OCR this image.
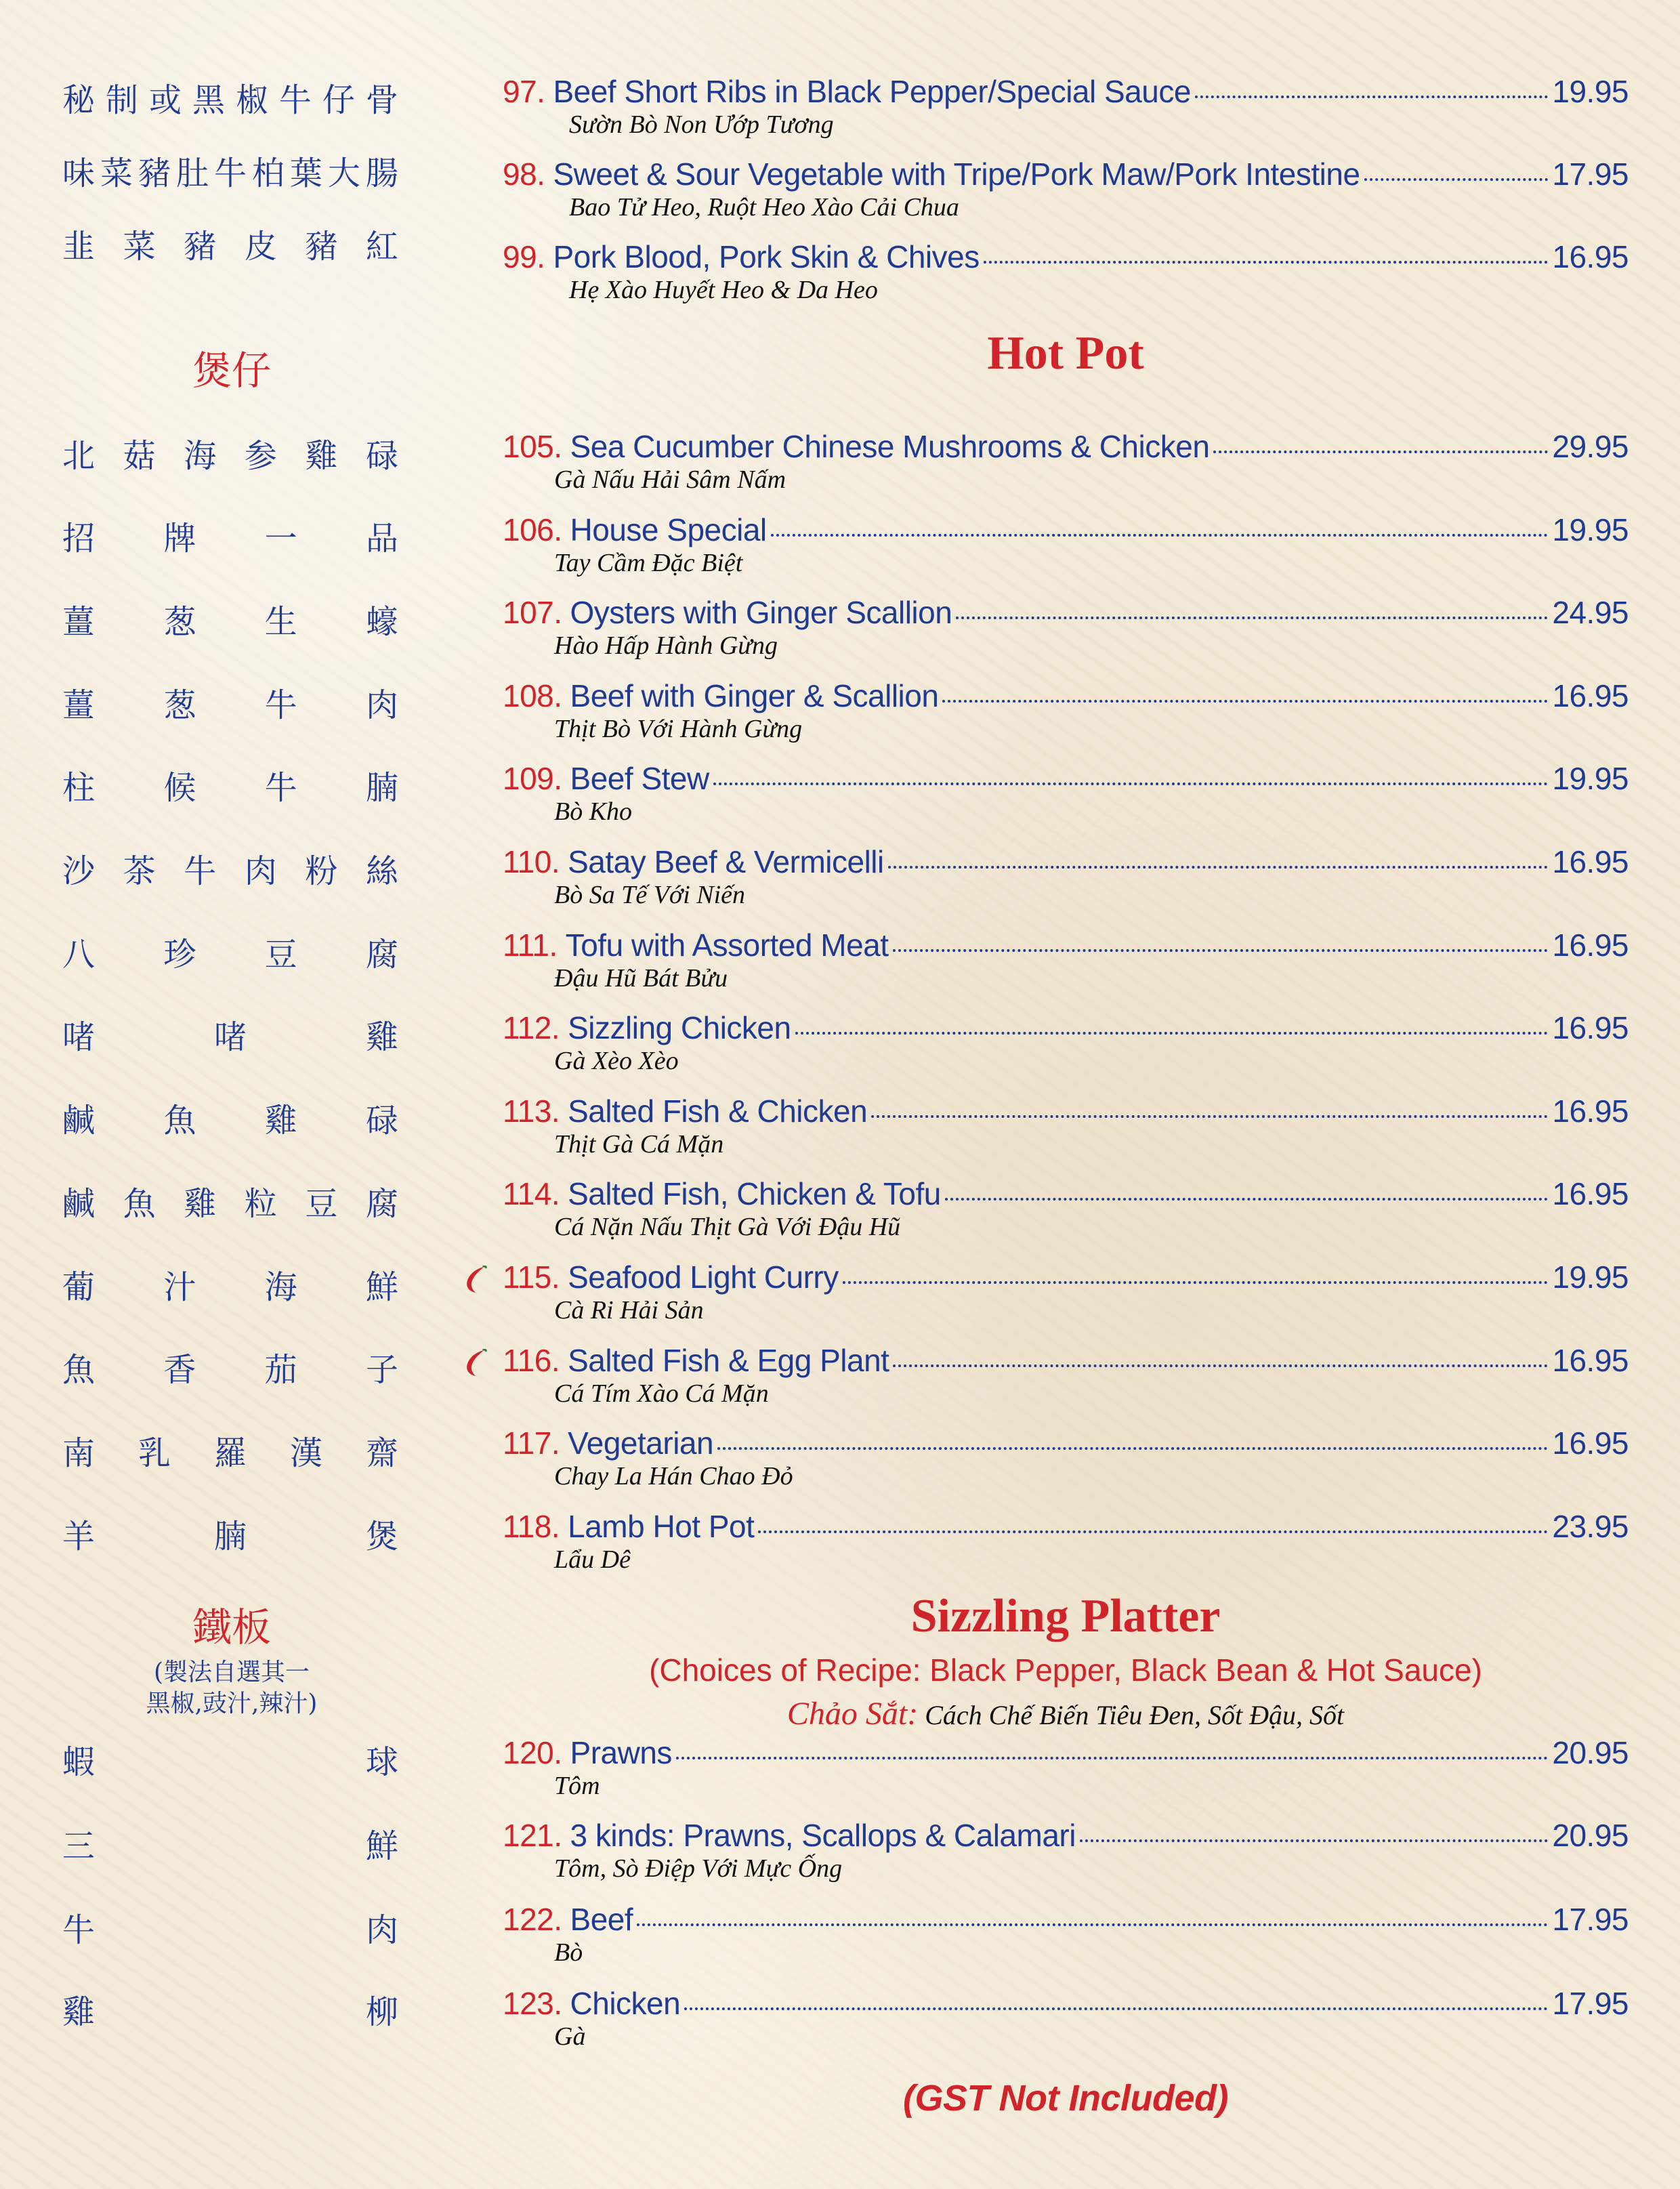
煲仔
鐵板
(製法自選其一
黑椒,豉汁,辣汁)
秘 制 或 黑 椒 牛 仔 骨
味 菜 豬 肚 牛 柏 葉 大 腸
韭 菜 豬 皮 豬 紅
北 菇 海 参 雞 碌
招 牌 一 品
薑 葱 生 蠔
薑 葱 牛 肉
柱 候 牛 腩
沙 茶 牛 肉 粉 絲
八 珍 豆 腐
啫	啫	雞
鹹 魚 雞 碌
鹹 魚 雞 粒 豆 腐
葡 汁 海 鮮
魚 香 茄 子
南 乳 羅 漢 齋
羊	腩	煲
蝦	球
三	鮮
牛	肉
雞	柳
Hot Pot
Sizzling Platter
(Choices of Recipe: Black Pepper, Black Bean & Hot Sauce)
Chảo Sắt: Cách Chế Biến Tiêu Đen, Sốt Đậu, Sốt
(GST Not Included)
97. Beef Short Ribs in Black Pepper/Special Sauce	19.95
Sườn Bò Non Ướp Tương
98. Sweet & Sour Vegetable with Tripe/Pork Maw/Pork Intestine	17.95
Bao Tử Heo, Ruột Heo Xào Cải Chua
99. Pork Blood, Pork Skin & Chives	16.95
Hẹ Xào Huyết Heo & Da Heo
105. Sea Cucumber Chinese Mushrooms & Chicken	29.95
Gà Nấu Hải Sâm Nấm
106. House Special	19.95
Tay Cầm Đặc Biệt
107. Oysters with Ginger Scallion	24.95
Hào Hấp Hành Gừng
108. Beef with Ginger & Scallion	16.95
Thịt Bò Với Hành Gừng
109. Beef Stew	19.95
Bò Kho
110. Satay Beef & Vermicelli	16.95
Bò Sa Tế Với Niến
111. Tofu with Assorted Meat	16.95
Đậu Hũ Bát Bửu
112. Sizzling Chicken	16.95
Gà Xèo Xèo
113. Salted Fish & Chicken	16.95
Thịt Gà Cá Mặn
114. Salted Fish, Chicken & Tofu	16.95
Cá Nặn Nấu Thịt Gà Với Đậu Hũ
115. Seafood Light Curry	19.95
Cà Ri Hải Sản
116. Salted Fish & Egg Plant	16.95
Cá Tím Xào Cá Mặn
117. Vegetarian	16.95
Chay La Hán Chao Đỏ
118. Lamb Hot Pot	23.95
Lẩu Dê
120. Prawns	20.95
Tôm
121. 3 kinds: Prawns, Scallops & Calamari	20.95
Tôm, Sò Điệp Với Mực Ống
122. Beef	17.95
Bò
123. Chicken	17.95
Gà
